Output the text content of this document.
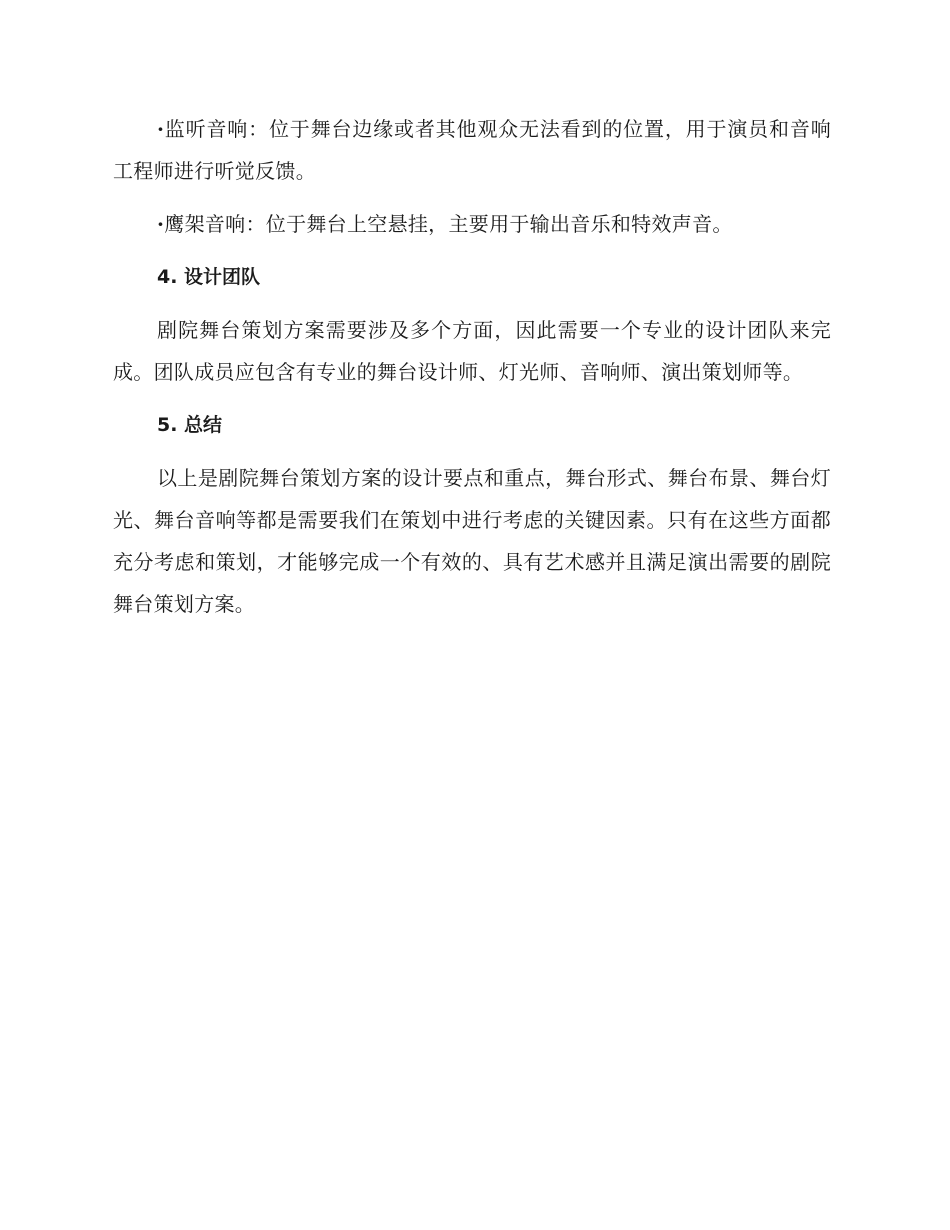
·监听音响：位于舞台边缘或者其他观众无法看到的位置，用于演员和音响工程师进行听觉反馈。

·鹰架音响：位于舞台上空悬挂，主要用于输出音乐和特效声音。

4. 设计团队

剧院舞台策划方案需要涉及多个方面，因此需要一个专业的设计团队来完成。团队成员应包含有专业的舞台设计师、灯光师、音响师、演出策划师等。

5. 总结

以上是剧院舞台策划方案的设计要点和重点，舞台形式、舞台布景、舞台灯光、舞台音响等都是需要我们在策划中进行考虑的关键因素。只有在这些方面都充分考虑和策划，才能够完成一个有效的、具有艺术感并且满足演出需要的剧院舞台策划方案。
